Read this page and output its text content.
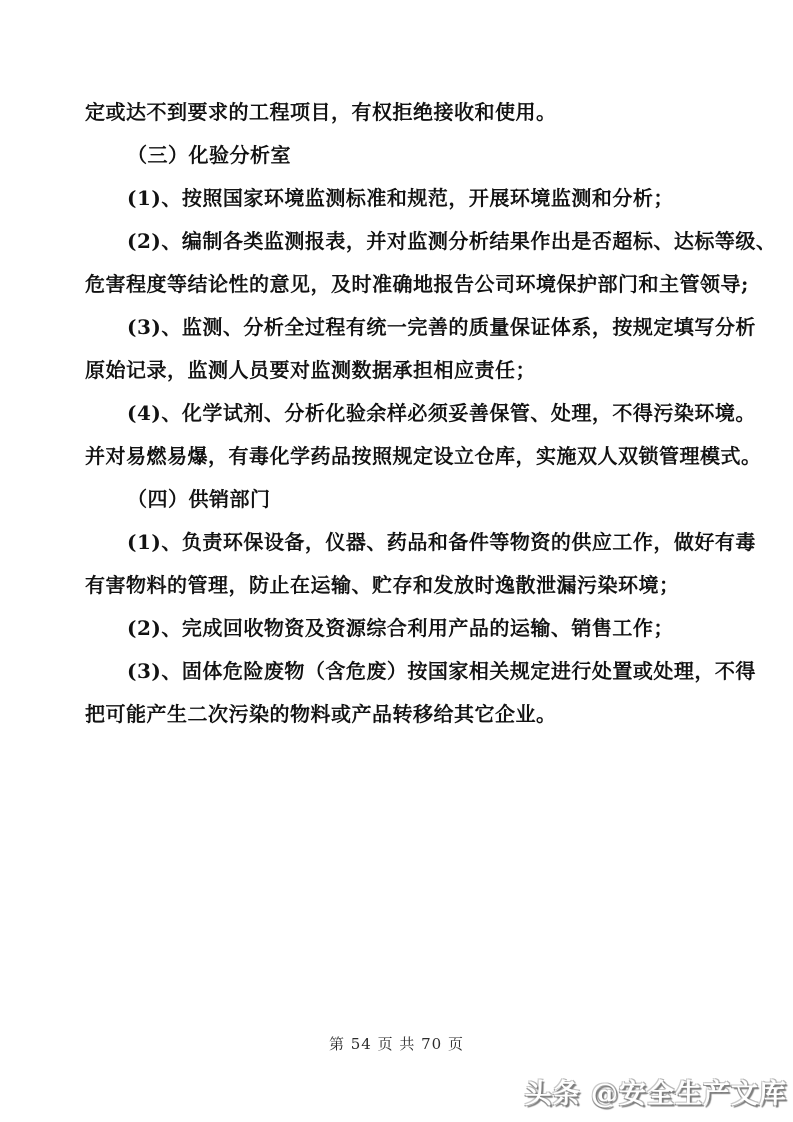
定或达不到要求的工程项目，有权拒绝接收和使用。

（三）化验分析室

(1)、按照国家环境监测标准和规范，开展环境监测和分析；

(2)、编制各类监测报表，并对监测分析结果作出是否超标、达标等级、

危害程度等结论性的意见，及时准确地报告公司环境保护部门和主管领导;

(3)、监测、分析全过程有统一完善的质量保证体系，按规定填写分析

原始记录，监测人员要对监测数据承担相应责任；

(4)、化学试剂、分析化验余样必须妥善保管、处理，不得污染环境。

并对易燃易爆，有毒化学药品按照规定设立仓库，实施双人双锁管理模式。

（四）供销部门

(1)、负责环保设备，仪器、药品和备件等物资的供应工作，做好有毒

有害物料的管理，防止在运输、贮存和发放时逸散泄漏污染环境；

(2)、完成回收物资及资源综合利用产品的运输、销售工作；

(3)、固体危险废物（含危废）按国家相关规定进行处置或处理，不得

把可能产生二次污染的物料或产品转移给其它企业。

第 54 页 共 70 页
头条 @安全生产文库
